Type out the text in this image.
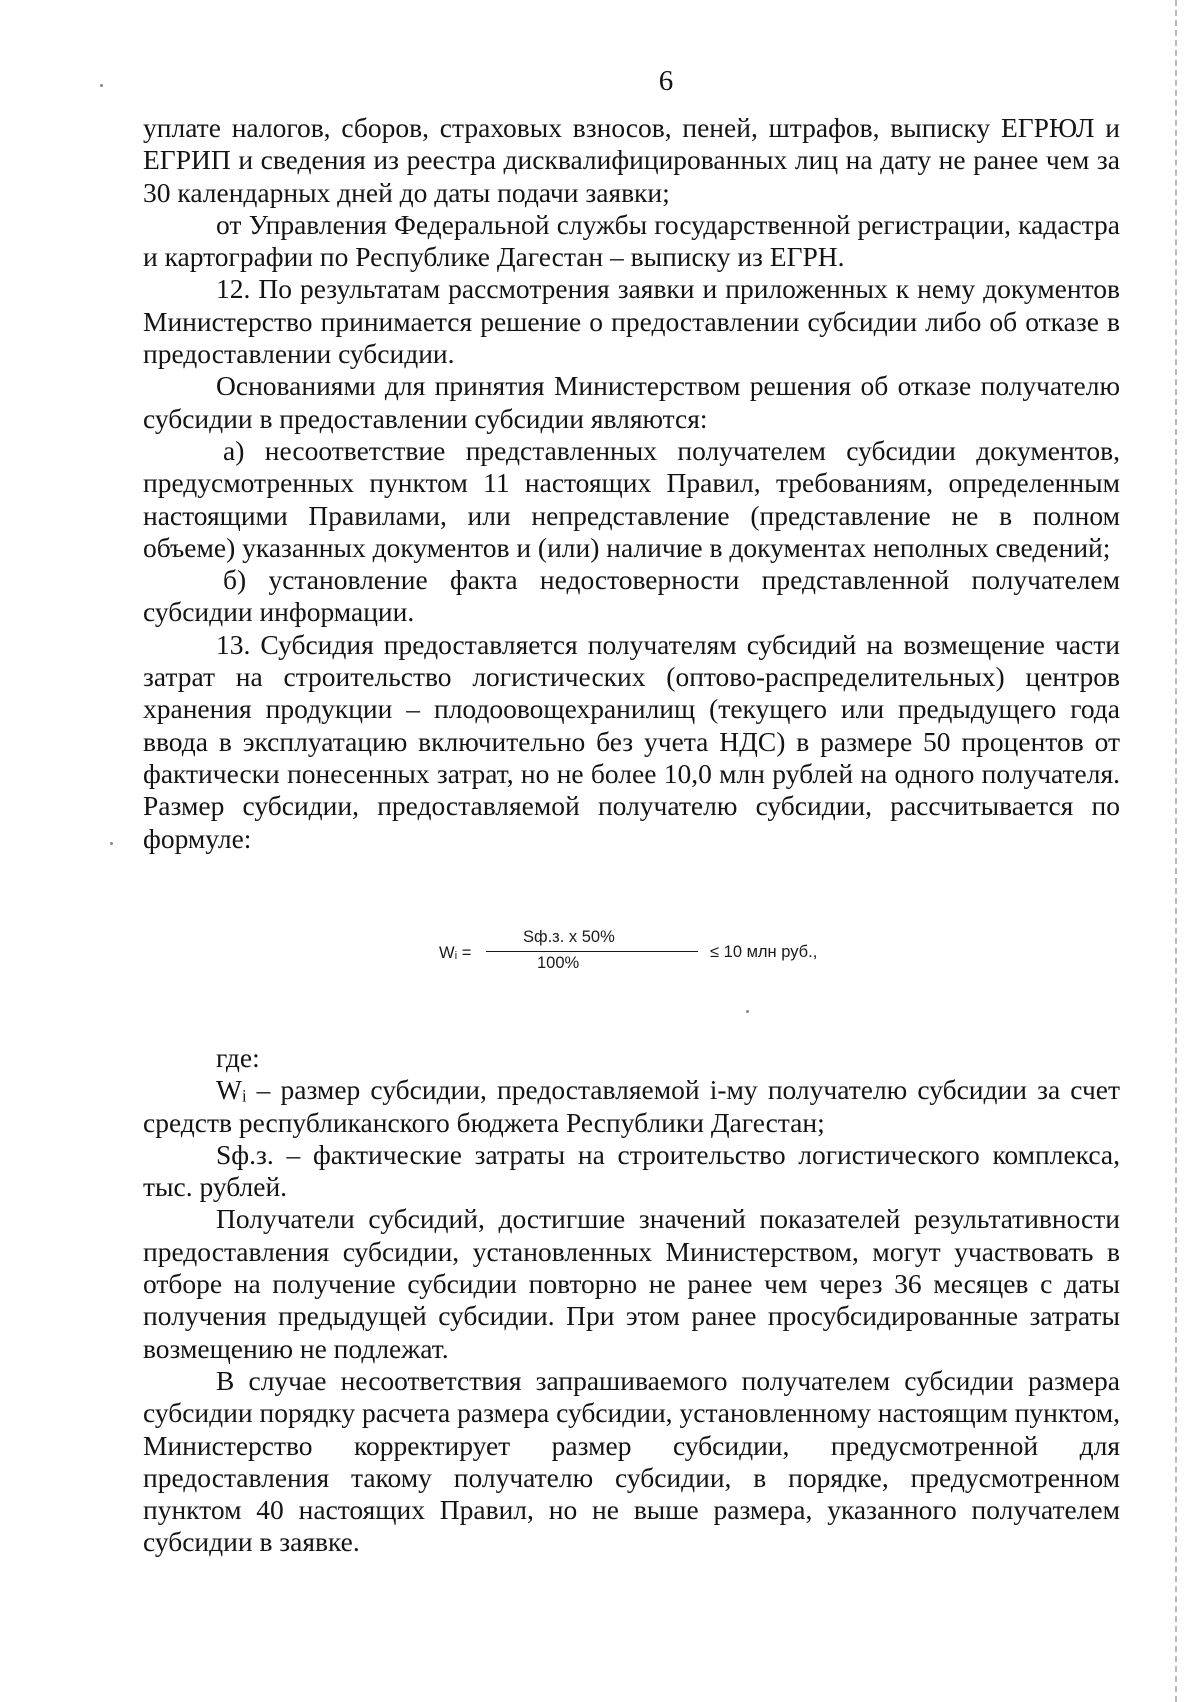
6

уплате налогов, сборов, страховых взносов, пеней, штрафов, выписку ЕГРЮЛ и ЕГРИП и сведения из реестра дисквалифицированных лиц на дату не ранее чем за 30 календарных дней до даты подачи заявки;

от Управления Федеральной службы государственной регистрации, кадастра и картографии по Республике Дагестан – выписку из ЕГРН.

12. По результатам рассмотрения заявки и приложенных к нему документов Министерство принимается решение о предоставлении субсидии либо об отказе в предоставлении субсидии.

Основаниями для принятия Министерством решения об отказе получателю субсидии в предоставлении субсидии являются:

а) несоответствие представленных получателем субсидии документов, предусмотренных пунктом 11 настоящих Правил, требованиям, определенным настоящими Правилами, или непредставление (представление не в полном объеме) указанных документов и (или) наличие в документах неполных сведений;

б) установление факта недостоверности представленной получателем субсидии информации.

13. Субсидия предоставляется получателям субсидий на возмещение части затрат на строительство логистических (оптово-распределительных) центров хранения продукции – плодоовощехранилищ (текущего или предыдущего года ввода в эксплуатацию включительно без учета НДС) в размере 50 процентов от фактически понесенных затрат, но не более 10,0 млн рублей на одного получателя. Размер субсидии, предоставляемой получателю субсидии, рассчитывается по формуле:

Wᵢ =
Sф.з. х 50%
100%
≤ 10 млн руб.,

где:

Wᵢ – размер субсидии, предоставляемой i-му получателю субсидии за счет средств республиканского бюджета Республики Дагестан;

Sф.з. – фактические затраты на строительство логистического комплекса, тыс. рублей.

Получатели субсидий, достигшие значений показателей результативности предоставления субсидии, установленных Министерством, могут участвовать в отборе на получение субсидии повторно не ранее чем через 36 месяцев с даты получения предыдущей субсидии. При этом ранее просубсидированные затраты возмещению не подлежат.

В случае несоответствия запрашиваемого получателем субсидии размера субсидии порядку расчета размера субсидии, установленному настоящим пунктом, Министерство корректирует размер субсидии, предусмотренной для предоставления такому получателю субсидии, в порядке, предусмотренном пунктом 40 настоящих Правил, но не выше размера, указанного получателем субсидии в заявке.
